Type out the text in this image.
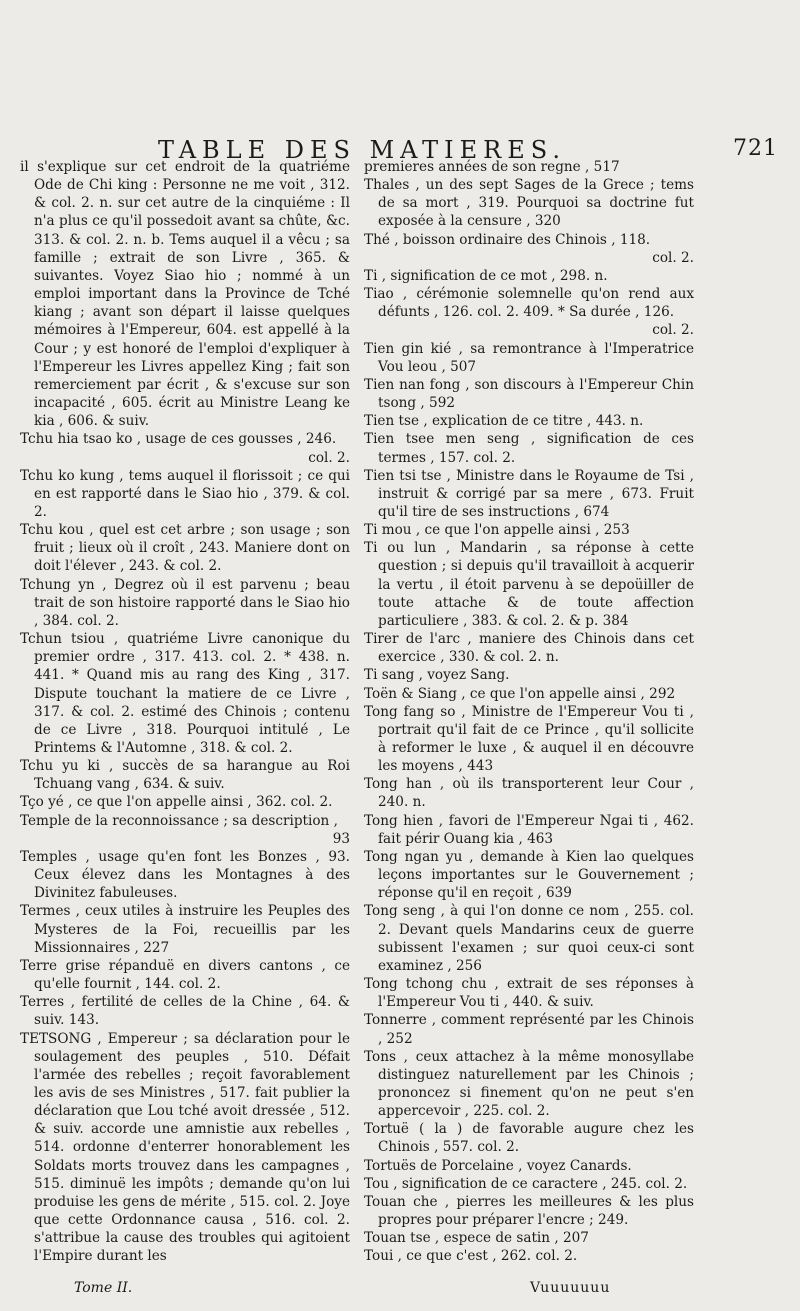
TABLE DES MATIERES.	721
il s'explique sur cet endroit de la quatriéme Ode de Chi king : Personne ne me voit , 312. & col. 2. n. sur cet autre de la cinquiéme : Il n'a plus ce qu'il possedoit avant sa chûte, &c. 313. & col. 2. n. b. Tems auquel il a vêcu ; sa famille ; extrait de son Livre , 365. & suivantes. Voyez Siao hio ; nommé à un emploi important dans la Province de Tché kiang ; avant son départ il laisse quelques mémoires à l'Empereur, 604. est appellé à la Cour ; y est honoré de l'emploi d'expliquer à l'Empereur les Livres appellez King ; fait son remerciement par écrit , & s'excuse sur son incapacité , 605. écrit au Ministre Leang ke kia , 606. & suiv.
Tchu hia tsao ko , usage de ces gousses , 246.
col. 2.
Tchu ko kung , tems auquel il florissoit ; ce qui en est rapporté dans le Siao hio , 379. & col. 2.
Tchu kou , quel est cet arbre ; son usage ; son fruit ; lieux où il croît , 243. Maniere dont on doit l'élever , 243. & col. 2.
Tchung yn , Degrez où il est parvenu ; beau trait de son histoire rapporté dans le Siao hio , 384. col. 2.
Tchun tsiou , quatriéme Livre canonique du premier ordre , 317. 413. col. 2. * 438. n. 441. * Quand mis au rang des King , 317. Dispute touchant la matiere de ce Livre , 317. & col. 2. estimé des Chinois ; contenu de ce Livre , 318. Pourquoi intitulé , Le Printems & l'Automne , 318. & col. 2.
Tchu yu ki , succès de sa harangue au Roi Tchuang vang , 634. & suiv.
Tço yé , ce que l'on appelle ainsi , 362. col. 2.
Temple de la reconnoissance ; sa description ,
93
Temples , usage qu'en font les Bonzes , 93. Ceux élevez dans les Montagnes à des Divinitez fabuleuses.
Termes , ceux utiles à instruire les Peuples des Mysteres de la Foi, recueillis par les Missionnaires , 227
Terre grise répanduë en divers cantons , ce qu'elle fournit , 144. col. 2.
Terres , fertilité de celles de la Chine , 64. & suiv. 143.
TETSONG , Empereur ; sa déclaration pour le soulagement des peuples , 510. Défait l'armée des rebelles ; reçoit favorablement les avis de ses Ministres , 517. fait publier la déclaration que Lou tché avoit dressée , 512. & suiv. accorde une amnistie aux rebelles , 514. ordonne d'enterrer honorablement les Soldats morts trouvez dans les campagnes , 515. diminuë les impôts ; demande qu'on lui produise les gens de mérite , 515. col. 2. Joye que cette Ordonnance causa , 516. col. 2. s'attribue la cause des troubles qui agitoient l'Empire durant les
premieres années de son regne , 517
Thales , un des sept Sages de la Grece ; tems de sa mort , 319. Pourquoi sa doctrine fut exposée à la censure , 320
Thé , boisson ordinaire des Chinois , 118.
col. 2.
Ti , signification de ce mot , 298. n.
Tiao , cérémonie solemnelle qu'on rend aux défunts , 126. col. 2. 409. * Sa durée , 126.
col. 2.
Tien gin kié , sa remontrance à l'Imperatrice Vou leou , 507
Tien nan fong , son discours à l'Empereur Chin tsong , 592
Tien tse , explication de ce titre , 443. n.
Tien tsee men seng , signification de ces termes , 157. col. 2.
Tien tsi tse , Ministre dans le Royaume de Tsi , instruit & corrigé par sa mere , 673. Fruit qu'il tire de ses instructions , 674
Ti mou , ce que l'on appelle ainsi , 253
Ti ou lun , Mandarin , sa réponse à cette question ; si depuis qu'il travailloit à acquerir la vertu , il étoit parvenu à se depoüiller de toute attache & de toute affection particuliere , 383. & col. 2. & p. 384
Tirer de l'arc , maniere des Chinois dans cet exercice , 330. & col. 2. n.
Ti sang , voyez Sang.
Toën & Siang , ce que l'on appelle ainsi , 292
Tong fang so , Ministre de l'Empereur Vou ti , portrait qu'il fait de ce Prince , qu'il sollicite à reformer le luxe , & auquel il en découvre les moyens , 443
Tong han , où ils transporterent leur Cour , 240. n.
Tong hien , favori de l'Empereur Ngai ti , 462. fait périr Ouang kia , 463
Tong ngan yu , demande à Kien lao quelques leçons importantes sur le Gouvernement ; réponse qu'il en reçoit , 639
Tong seng , à qui l'on donne ce nom , 255. col. 2. Devant quels Mandarins ceux de guerre subissent l'examen ; sur quoi ceux-ci sont examinez , 256
Tong tchong chu , extrait de ses réponses à l'Empereur Vou ti , 440. & suiv.
Tonnerre , comment représenté par les Chinois , 252
Tons , ceux attachez à la même monosyllabe distinguez naturellement par les Chinois ; prononcez si finement qu'on ne peut s'en appercevoir , 225. col. 2.
Tortuë ( la ) de favorable augure chez les Chinois , 557. col. 2.
Tortuës de Porcelaine , voyez Canards.
Tou , signification de ce caractere , 245. col. 2.
Touan che , pierres les meilleures & les plus propres pour préparer l'encre ; 249.
Touan tse , espece de satin , 207
Toui , ce que c'est , 262. col. 2.
Tome II.	Vuuuuuuu
